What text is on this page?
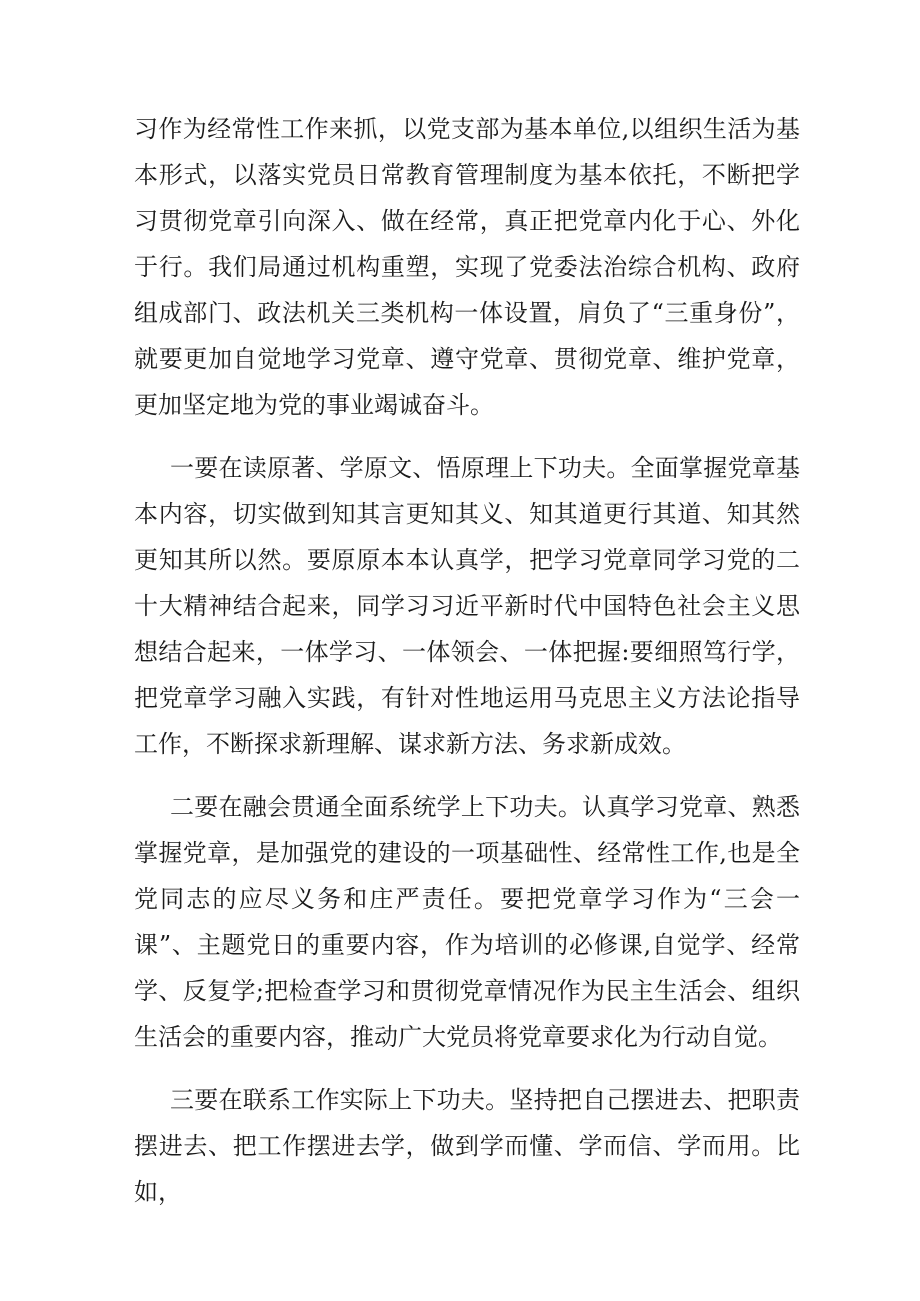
习作为经常性工作来抓，以党支部为基本单位,以组织生活为基本形式，以落实党员日常教育管理制度为基本依托，不断把学习贯彻党章引向深入、做在经常，真正把党章内化于心、外化于行。我们局通过机构重塑，实现了党委法治综合机构、政府组成部门、政法机关三类机构一体设置，肩负了“三重身份”，就要更加自觉地学习党章、遵守党章、贯彻党章、维护党章，更加坚定地为党的事业竭诚奋斗。

一要在读原著、学原文、悟原理上下功夫。全面掌握党章基本内容，切实做到知其言更知其义、知其道更行其道、知其然更知其所以然。要原原本本认真学，把学习党章同学习党的二十大精神结合起来，同学习习近平新时代中国特色社会主义思想结合起来，一体学习、一体领会、一体把握:要细照笃行学，把党章学习融入实践，有针对性地运用马克思主义方法论指导工作，不断探求新理解、谋求新方法、务求新成效。

二要在融会贯通全面系统学上下功夫。认真学习党章、熟悉掌握党章，是加强党的建设的一项基础性、经常性工作,也是全党同志的应尽义务和庄严责任。要把党章学习作为“三会一课”、主题党日的重要内容，作为培训的必修课,自觉学、经常学、反复学;把检查学习和贯彻党章情况作为民主生活会、组织生活会的重要内容，推动广大党员将党章要求化为行动自觉。

三要在联系工作实际上下功夫。坚持把自己摆进去、把职责摆进去、把工作摆进去学，做到学而懂、学而信、学而用。比如，
